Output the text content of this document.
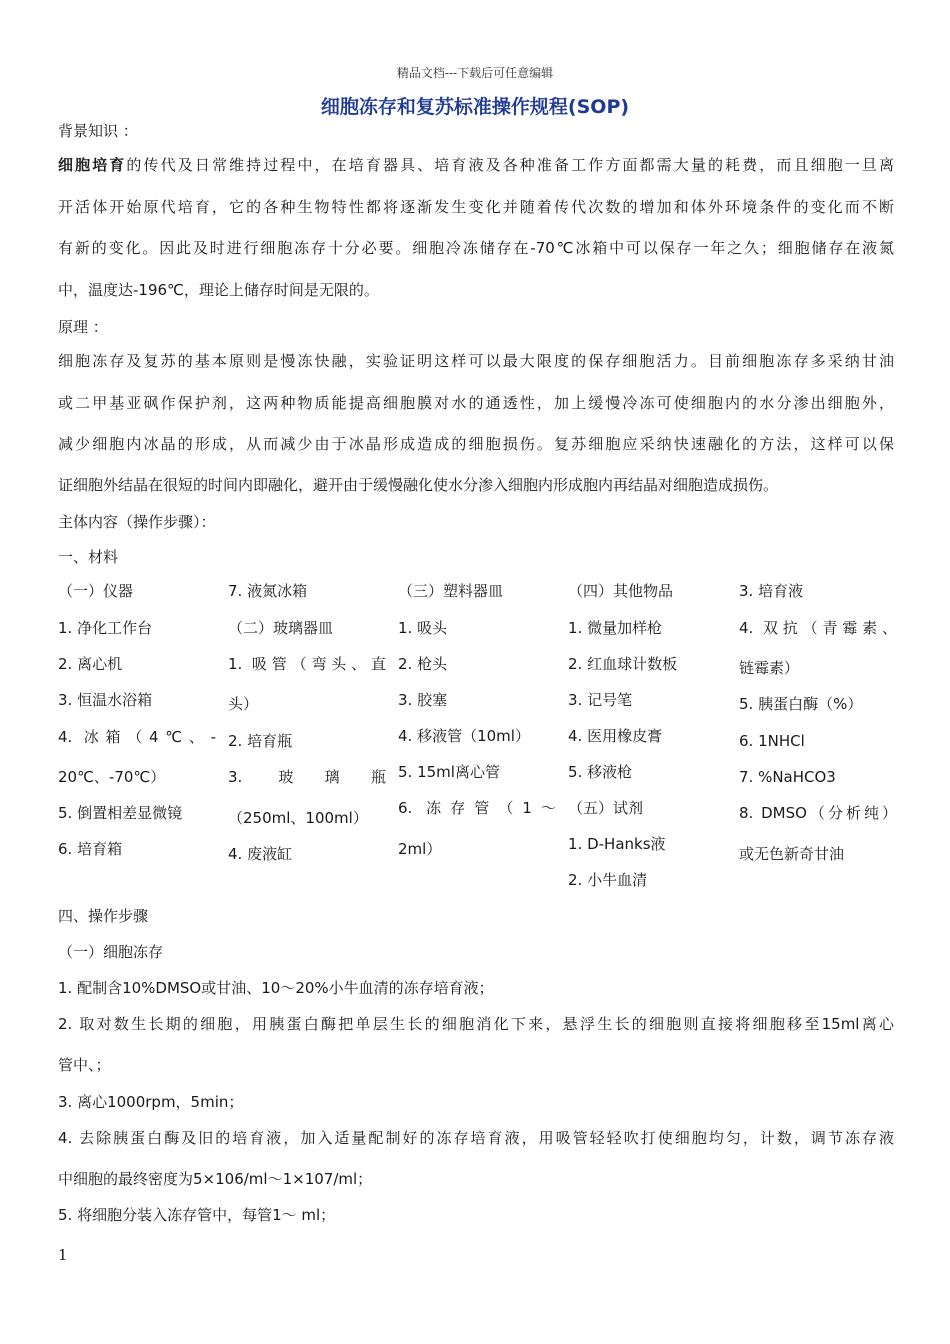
精品文档---下载后可任意编辑
细胞冻存和复苏标准操作规程(SOP)
背景知识 ：
细胞培育的传代及日常维持过程中，在培育器具、培育液及各种准备工作方面都需大量的耗费，而且细胞一旦离
开活体开始原代培育，它的各种生物特性都将逐渐发生变化并随着传代次数的增加和体外环境条件的变化而不断
有新的变化。因此及时进行细胞冻存十分必要。细胞冷冻储存在-70℃冰箱中可以保存一年之久；细胞储存在液氮
中，温度达-196℃，理论上储存时间是无限的。
原理 ：
细胞冻存及复苏的基本原则是慢冻快融，实验证明这样可以最大限度的保存细胞活力。目前细胞冻存多采纳甘油
或二甲基亚砜作保护剂，这两种物质能提高细胞膜对水的通透性，加上缓慢冷冻可使细胞内的水分渗出细胞外，
减少细胞内冰晶的形成，从而减少由于冰晶形成造成的细胞损伤。复苏细胞应采纳快速融化的方法，这样可以保
证细胞外结晶在很短的时间内即融化，避开由于缓慢融化使水分渗入细胞内形成胞内再结晶对细胞造成损伤。
主体内容（操作步骤）：
一、材料
（一）仪器
1. 净化工作台
2. 离心机
3. 恒温水浴箱
4. 冰箱（4℃、-
20℃、-70℃）
5. 倒置相差显微镜
6. 培育箱
7. 液氮冰箱
（二）玻璃器皿
1. 吸管（弯头、直
头）
2. 培育瓶
3. 玻璃瓶
（250ml、100ml）
4. 废液缸
（三）塑料器皿
1. 吸头
2. 枪头
3. 胶塞
4. 移液管（10ml）
5. 15ml离心管
6. 冻存管（1～
2ml）
（四）其他物品
1. 微量加样枪
2. 红血球计数板
3. 记号笔
4. 医用橡皮膏
5. 移液枪
（五）试剂
1. D-Hanks液
2. 小牛血清
3. 培育液
4. 双抗（青霉素、
链霉素）
5. 胰蛋白酶（%）
6. 1NHCl
7. %NaHCO3
8. DMSO（分析纯）
或无色新奇甘油
四、操作步骤
（一）细胞冻存
1. 配制含10%DMSO或甘油、10～20%小牛血清的冻存培育液；
2. 取对数生长期的细胞，用胰蛋白酶把单层生长的细胞消化下来，悬浮生长的细胞则直接将细胞移至15ml离心
管中、；
3. 离心1000rpm，5min；
4. 去除胰蛋白酶及旧的培育液，加入适量配制好的冻存培育液，用吸管轻轻吹打使细胞均匀，计数，调节冻存液
中细胞的最终密度为5×106/ml～1×107/ml；
5. 将细胞分装入冻存管中，每管1～ ml；
1
